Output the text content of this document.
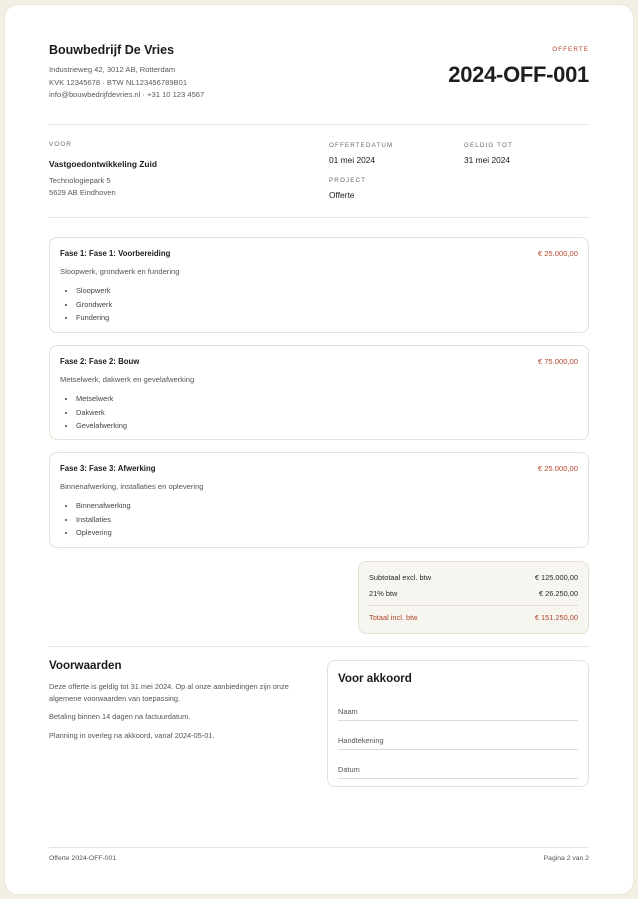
Bouwbedrijf De Vries
Industrieweg 42, 3012 AB, Rotterdam
KVK 12345678 · BTW NL123456789B01
info@bouwbedrijfdevries.nl · +31 10 123 4567
OFFERTE
2024-OFF-001
VOOR
Vastgoedontwikkeling Zuid
Technologiepark 5
5629 AB Eindhoven
OFFERTEDATUM
01 mei 2024
GELDIG TOT
31 mei 2024
PROJECT
Offerte
Fase 1: Fase 1: Voorbereiding	€ 25.000,00
Sloopwerk, grondwerk en fundering
• Sloopwerk
• Grondwerk
• Fundering
Fase 2: Fase 2: Bouw	€ 75.000,00
Metselwerk, dakwerk en gevelafwerking
• Metselwerk
• Dakwerk
• Gevelafwerking
Fase 3: Fase 3: Afwerking	€ 25.000,00
Binnenafwerking, installaties en oplevering
• Binnenafwerking
• Installaties
• Oplevering
Subtotaal excl. btw	€ 125.000,00
21% btw	€ 26.250,00
Totaal incl. btw	€ 151.250,00
Voorwaarden

Deze offerte is geldig tot 31 mei 2024. Op al onze aanbiedingen zijn onze algemene voorwaarden van toepassing.

Betaling binnen 14 dagen na factuurdatum.

Planning in overleg na akkoord, vanaf 2024-05-01.

Voor akkoord
Naam
Handtekening
Datum
Offerte 2024-OFF-001	Pagina 2 van 2
